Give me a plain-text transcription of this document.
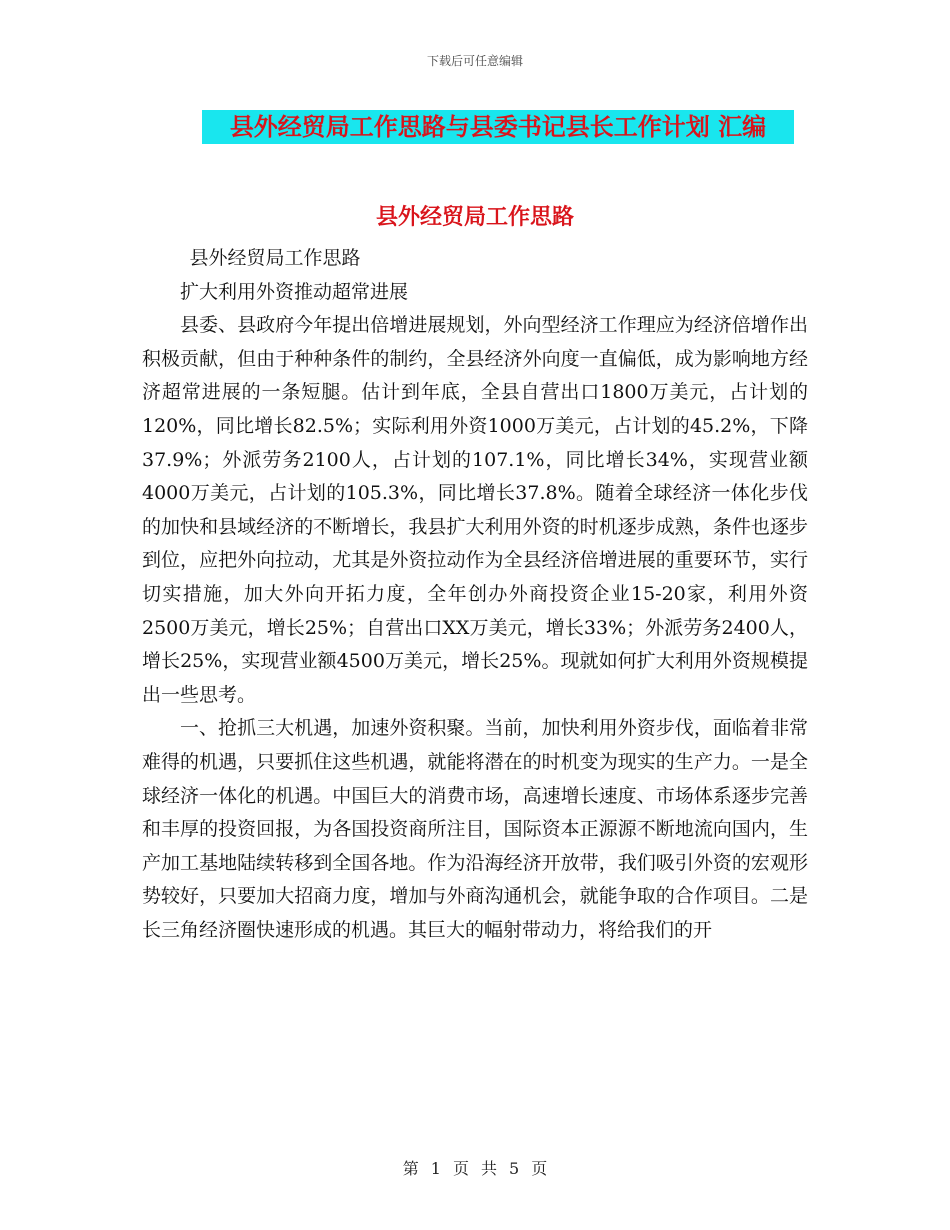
下载后可任意编辑
县外经贸局工作思路与县委书记县长工作计划 汇编
县外经贸局工作思路

县外经贸局工作思路

扩大利用外资推动超常进展

县委、县政府今年提出倍增进展规划，外向型经济工作理应为经济倍增作出积极贡献，但由于种种条件的制约，全县经济外向度一直偏低，成为影响地方经济超常进展的一条短腿。估计到年底，全县自营出口1800万美元，占计划的120%，同比增长82.5%；实际利用外资1000万美元，占计划的45.2%，下降37.9%；外派劳务2100人，占计划的107.1%，同比增长34%，实现营业额4000万美元，占计划的105.3%，同比增长37.8%。随着全球经济一体化步伐的加快和县域经济的不断增长，我县扩大利用外资的时机逐步成熟，条件也逐步到位，应把外向拉动，尤其是外资拉动作为全县经济倍增进展的重要环节，实行切实措施，加大外向开拓力度，全年创办外商投资企业15-20家，利用外资2500万美元，增长25%；自营出口XX万美元，增长33%；外派劳务2400人，增长25%，实现营业额4500万美元，增长25%。现就如何扩大利用外资规模提出一些思考。

一、抢抓三大机遇，加速外资积聚。当前，加快利用外资步伐，面临着非常难得的机遇，只要抓住这些机遇，就能将潜在的时机变为现实的生产力。一是全球经济一体化的机遇。中国巨大的消费市场，高速增长速度、市场体系逐步完善和丰厚的投资回报，为各国投资商所注目，国际资本正源源不断地流向国内，生产加工基地陆续转移到全国各地。作为沿海经济开放带，我们吸引外资的宏观形势较好，只要加大招商力度，增加与外商沟通机会，就能争取的合作项目。二是长三角经济圈快速形成的机遇。其巨大的幅射带动力，将给我们的开

第 1 页 共 5 页
